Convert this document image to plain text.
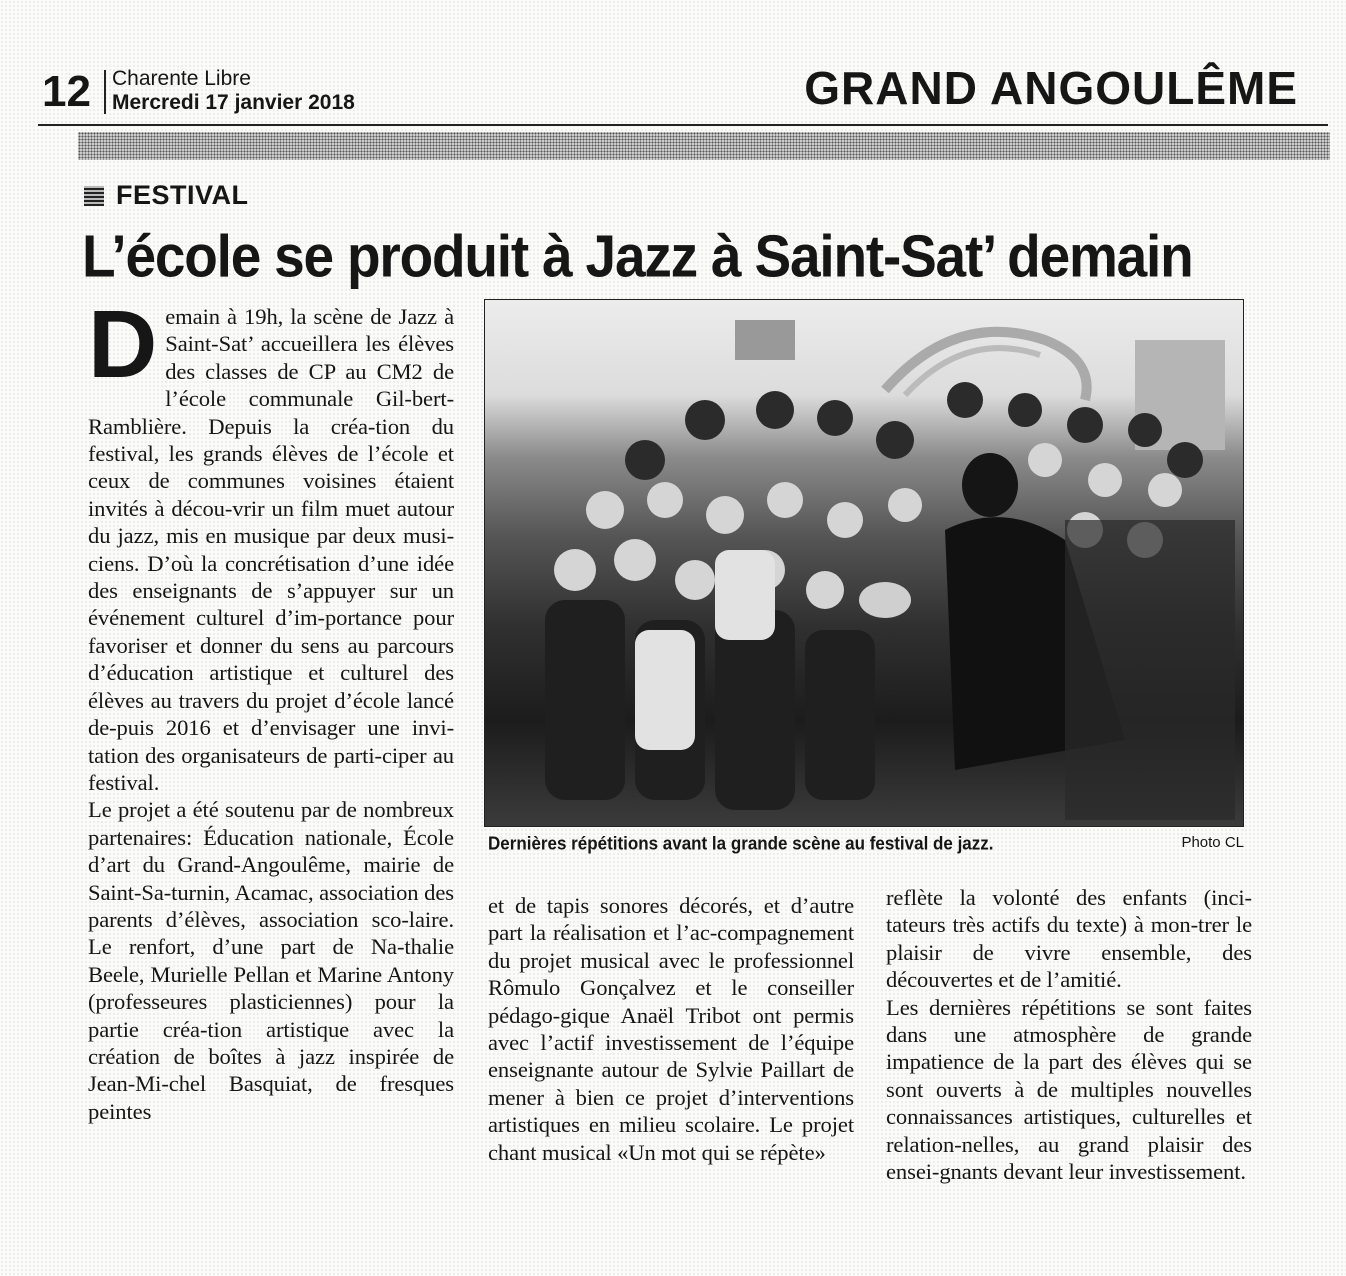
12	Charente Libre
Mercredi 17 janvier 2018	GRAND ANGOULÊME
FESTIVAL
L’école se produit à Jazz à Saint-Sat’ demain
D emain à 19h, la scène de Jazz à Saint-Sat’ accueillera les élèves des classes de CP au CM2 de l’école communale Gil-bert-Ramblière. Depuis la créa-tion du festival, les grands élèves de l’école et ceux de communes voisines étaient invités à décou-vrir un film muet autour du jazz, mis en musique par deux musi-ciens. D’où la concrétisation d’une idée des enseignants de s’appuyer sur un événement culturel d’im-portance pour favoriser et donner du sens au parcours d’éducation artistique et culturel des élèves au travers du projet d’école lancé de-puis 2016 et d’envisager une invi-tation des organisateurs de parti-ciper au festival.

Le projet a été soutenu par de nombreux partenaires: Éducation nationale, École d’art du Grand-Angoulême, mairie de Saint-Sa-turnin, Acamac, association des parents d’élèves, association sco-laire. Le renfort, d’une part de Na-thalie Beele, Murielle Pellan et Marine Antony (professeures plasticiennes) pour la partie créa-tion artistique avec la création de boîtes à jazz inspirée de Jean-Mi-chel Basquiat, de fresques peintes

Dernières répétitions avant la grande scène au festival de jazz.	Photo CL

et de tapis sonores décorés, et d’autre part la réalisation et l’ac-compagnement du projet musical avec le professionnel Rômulo Gonçalvez et le conseiller pédago-gique Anaël Tribot ont permis avec l’actif investissement de l’équipe enseignante autour de Sylvie Paillart de mener à bien ce projet d’interventions artistiques en milieu scolaire. Le projet chant musical «Un mot qui se répète»

reflète la volonté des enfants (inci-tateurs très actifs du texte) à mon-trer le plaisir de vivre ensemble, des découvertes et de l’amitié.

Les dernières répétitions se sont faites dans une atmosphère de grande impatience de la part des élèves qui se sont ouverts à de multiples nouvelles connaissances artistiques, culturelles et relation-nelles, au grand plaisir des ensei-gnants devant leur investissement.
